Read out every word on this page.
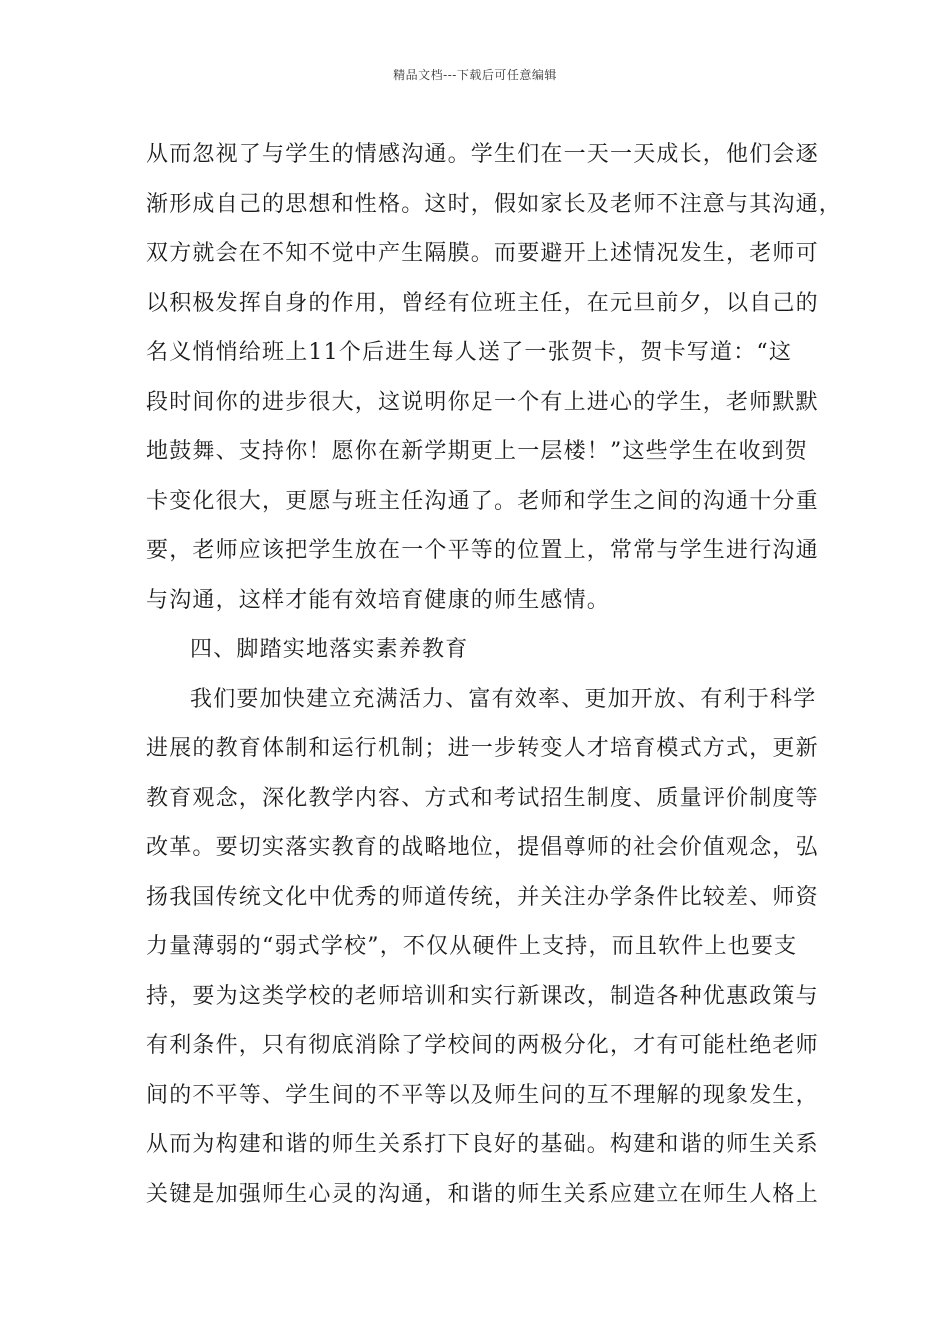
精品文档---下载后可任意编辑
从而忽视了与学生的情感沟通。学生们在一天一天成长，他们会逐
渐形成自己的思想和性格。这时，假如家长及老师不注意与其沟通，
双方就会在不知不觉中产生隔膜。而要避开上述情况发生，老师可
以积极发挥自身的作用，曾经有位班主任，在元旦前夕，以自己的
名义悄悄给班上11个后进生每人送了一张贺卡，贺卡写道：“这
段时间你的进步很大，这说明你足一个有上进心的学生，老师默默
地鼓舞、支持你！愿你在新学期更上一层楼！”这些学生在收到贺
卡变化很大，更愿与班主任沟通了。老师和学生之间的沟通十分重
要，老师应该把学生放在一个平等的位置上，常常与学生进行沟通
与沟通，这样才能有效培育健康的师生感情。
四、脚踏实地落实素养教育
我们要加快建立充满活力、富有效率、更加开放、有利于科学
进展的教育体制和运行机制；进一步转变人才培育模式方式，更新
教育观念，深化教学内容、方式和考试招生制度、质量评价制度等
改革。要切实落实教育的战略地位，提倡尊师的社会价值观念，弘
扬我国传统文化中优秀的师道传统，并关注办学条件比较差、师资
力量薄弱的“弱式学校”，不仅从硬件上支持，而且软件上也要支
持，要为这类学校的老师培训和实行新课改，制造各种优惠政策与
有利条件，只有彻底消除了学校间的两极分化，才有可能杜绝老师
间的不平等、学生间的不平等以及师生问的互不理解的现象发生，
从而为构建和谐的师生关系打下良好的基础。构建和谐的师生关系
关键是加强师生心灵的沟通，和谐的师生关系应建立在师生人格上
